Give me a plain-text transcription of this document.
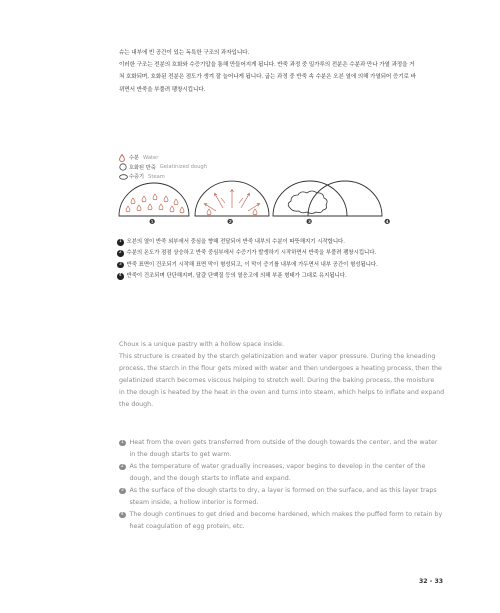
슈는 내부에 빈 공간이 있는 독특한 구조의 과자입니다.

이러한 구조는 전분의 호화와 수증기압을 통해 만들어지게 됩니다. 반죽 과정 중 밀가루의 전분은 수분과 만나 가열 과정을 거

쳐 호화되며, 호화된 전분은 점도가 생겨 잘 늘어나게 됩니다. 굽는 과정 중 반죽 속 수분은 오븐 열에 의해 가열되어 증기로 바

뀌면서 반죽을 부풀려 팽창시킵니다.

수분 Water
호화된 반죽 Gelatinized dough
수증기 Steam
❶	❷	❸	❹
1 오븐의 열이 반죽 외부에서 중심을 향해 전달되어 반죽 내부의 수분이 따뜻해지기 시작합니다.
2 수분의 온도가 점점 상승하고 반죽 중심부에서 수증기가 발생하기 시작하면서 반죽을 부풀려 팽창시킵니다.
3 반죽 표면이 건조되기 시작해 표면 막이 형성되고, 이 막이 증기를 내부에 가두면서 내부 공간이 형성됩니다.
4 반죽이 건조되며 단단해지며, 달걀 단백질 등의 열응고에 의해 부푼 형태가 그대로 유지됩니다.

Choux is a unique pastry with a hollow space inside.

This structure is created by the starch gelatinization and water vapor pressure. During the kneading

process, the starch in the flour gets mixed with water and then undergoes a heating process, then the

gelatinized starch becomes viscous helping to stretch well. During the baking process, the moisture

in the dough is heated by the heat in the oven and turns into steam, which helps to inflate and expand

the dough.

1 Heat from the oven gets transferred from outside of the dough towards the center, and the water
in the dough starts to get warm.
2 As the temperature of water gradually increases, vapor begins to develop in the center of the
dough, and the dough starts to inflate and expand.
3 As the surface of the dough starts to dry, a layer is formed on the surface, and as this layer traps
steam inside, a hollow interior is formed.
4 The dough continues to get dried and become hardened, which makes the puffed form to retain by
heat coagulation of egg protein, etc.
32 - 33
